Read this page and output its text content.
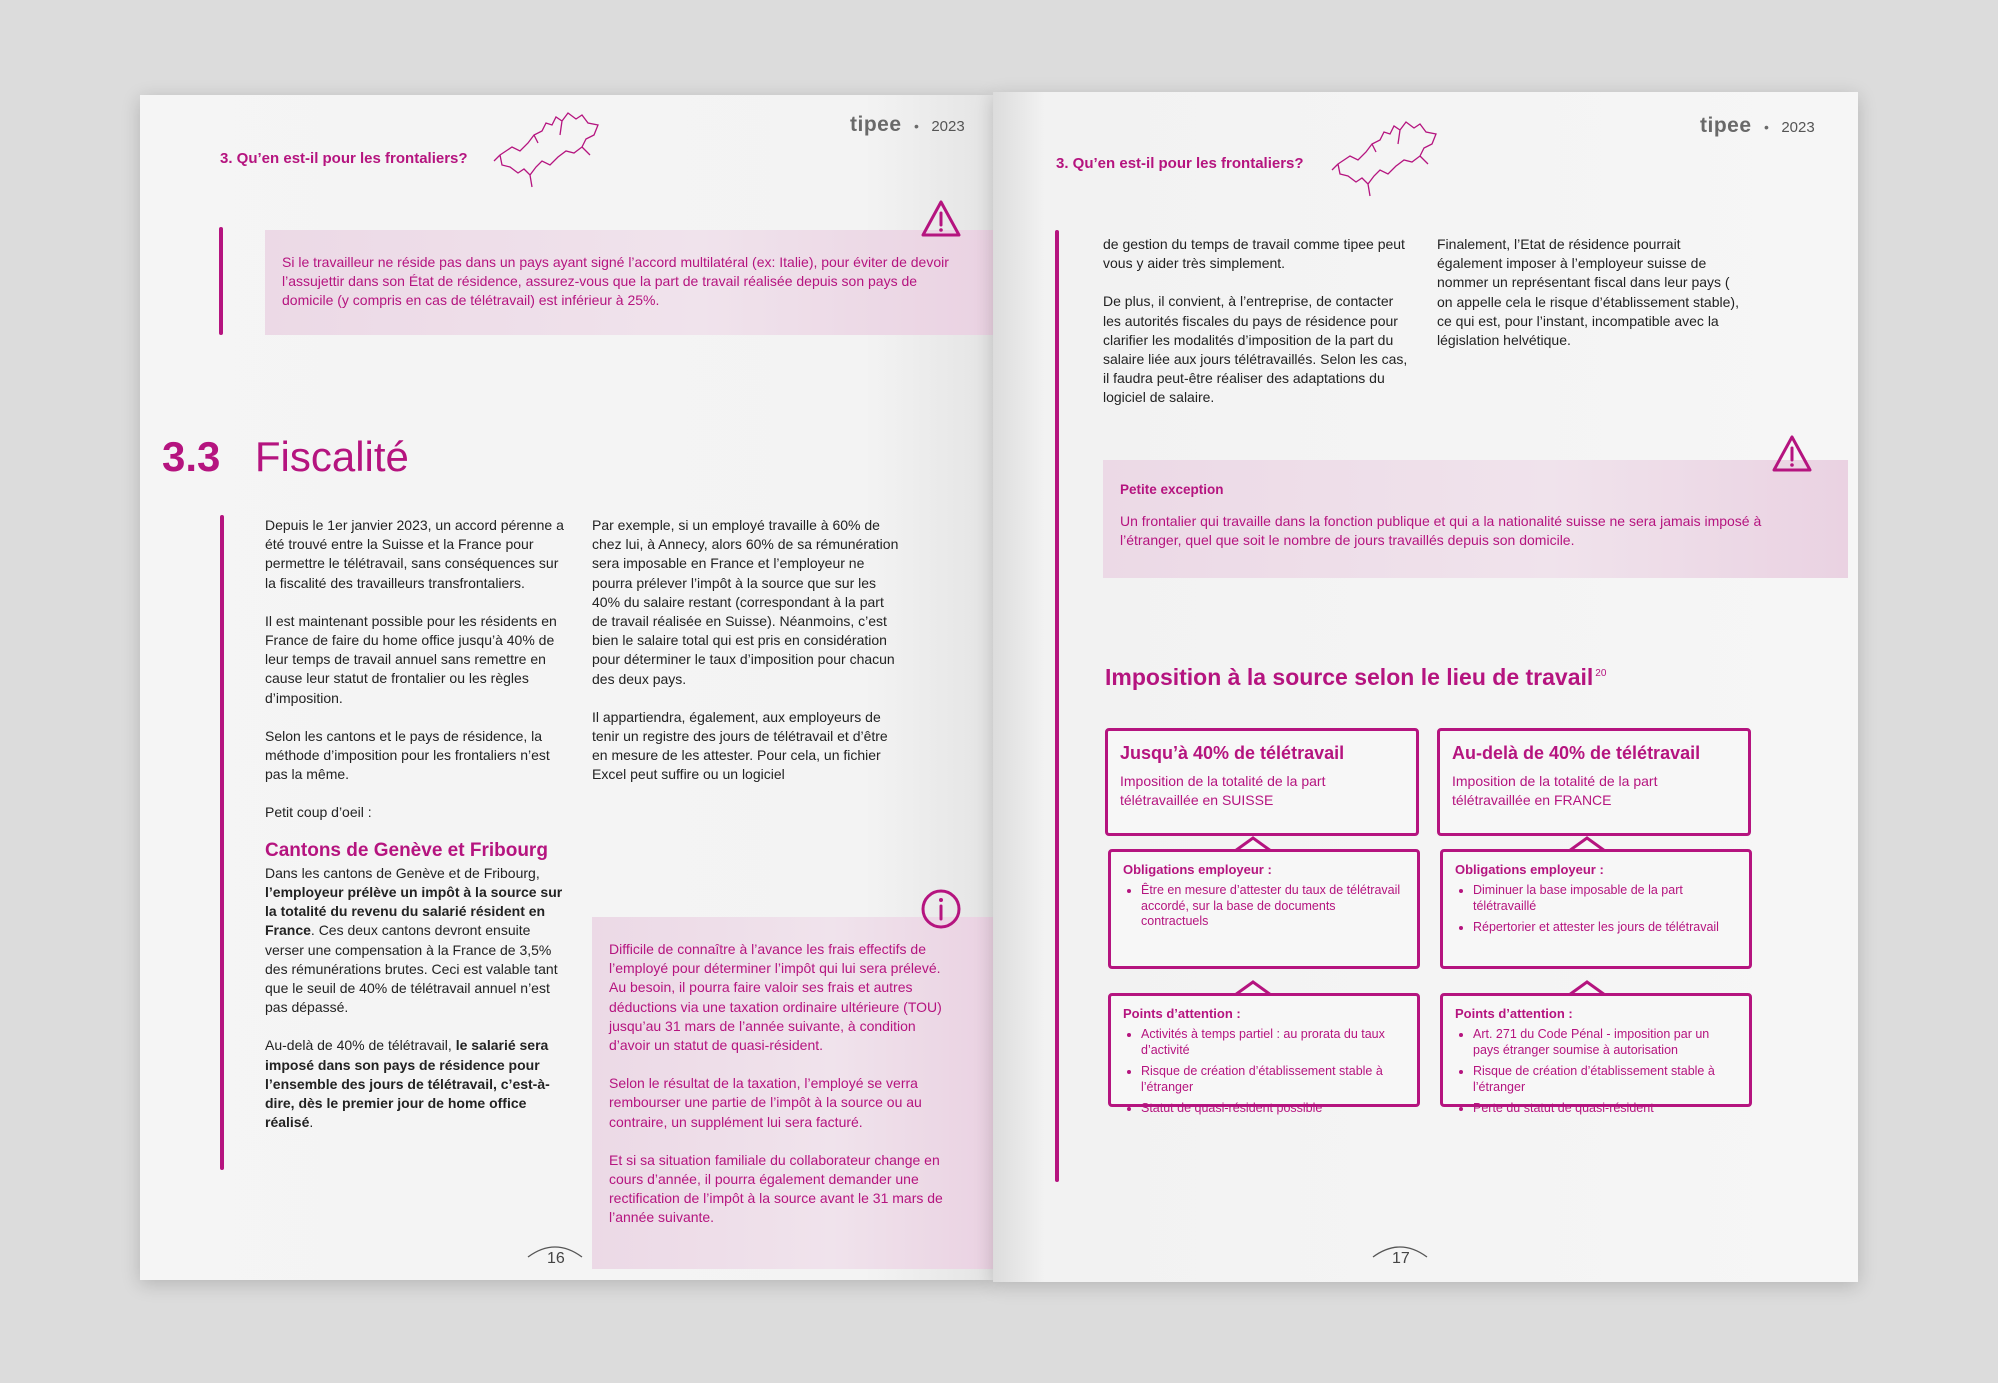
3. Qu’en est-il pour les frontaliers?
tipee • 2023
Si le travailleur ne réside pas dans un pays ayant signé l’accord multilatéral (ex: Italie), pour éviter de devoir l’assujettir dans son État de résidence, assurez-vous que la part de travail réalisée depuis son pays de domicile (y compris en cas de télétravail) est inférieur à 25%.
3.3 Fiscalité

Depuis le 1er janvier 2023, un accord pérenne a été trouvé entre la Suisse et la France pour permettre le télétravail, sans conséquences sur la fiscalité des travailleurs transfrontaliers.

Il est maintenant possible pour les résidents en France de faire du home office jusqu’à 40% de leur temps de travail annuel sans remettre en cause leur statut de frontalier ou les règles d’imposition.

Selon les cantons et le pays de résidence, la méthode d’imposition pour les frontaliers n’est pas la même.

Petit coup d’oeil :

Cantons de Genève et Fribourg

Dans les cantons de Genève et de Fribourg, l’employeur prélève un impôt à la source sur la totalité du revenu du salarié résident en France. Ces deux cantons devront ensuite verser une compensation à la France de 3,5% des rémunérations brutes. Ceci est valable tant que le seuil de 40% de télétravail annuel n’est pas dépassé.

Au-delà de 40% de télétravail, le salarié sera imposé dans son pays de résidence pour l’ensemble des jours de télétravail, c’est-à-dire, dès le premier jour de home office réalisé.

Par exemple, si un employé travaille à 60% de chez lui, à Annecy, alors 60% de sa rémunération sera imposable en France et l’employeur ne pourra prélever l’impôt à la source que sur les 40% du salaire restant (correspondant à la part de travail réalisée en Suisse). Néanmoins, c’est bien le salaire total qui est pris en considération pour déterminer le taux d’imposition pour chacun des deux pays.

Il appartiendra, également, aux employeurs de tenir un registre des jours de télétravail et d’être en mesure de les attester. Pour cela, un fichier Excel peut suffire ou un logiciel

Difficile de connaître à l’avance les frais effectifs de l’employé pour déterminer l’impôt qui lui sera prélevé. Au besoin, il pourra faire valoir ses frais et autres déductions via une taxation ordinaire ultérieure (TOU) jusqu’au 31 mars de l’année suivante, à condition d’avoir un statut de quasi-résident.

Selon le résultat de la taxation, l’employé se verra rembourser une partie de l’impôt à la source ou au contraire, un supplément lui sera facturé.

Et si sa situation familiale du collaborateur change en cours d’année, il pourra également demander une rectification de l’impôt à la source avant le 31 mars de l’année suivante.

16
3. Qu’en est-il pour les frontaliers?
tipee • 2023

de gestion du temps de travail comme tipee peut vous y aider très simplement.

De plus, il convient, à l’entreprise, de contacter les autorités fiscales du pays de résidence pour clarifier les modalités d’imposition de la part du salaire liée aux jours télétravaillés. Selon les cas, il faudra peut-être réaliser des adaptations du logiciel de salaire.

Finalement, l’Etat de résidence pourrait également imposer à l’employeur suisse de nommer un représentant fiscal dans leur pays ( on appelle cela le risque d’établissement stable), ce qui est, pour l’instant, incompatible avec la législation helvétique.

Petite exception
Un frontalier qui travaille dans la fonction publique et qui a la nationalité suisse ne sera jamais imposé à l’étranger, quel que soit le nombre de jours travaillés depuis son domicile.
Imposition à la source selon le lieu de travail $^{20}$
Jusqu’à 40% de télétravail
Imposition de la totalité de la part télétravaillée en SUISSE
Obligations employeur :
• Être en mesure d’attester du taux de télétravail accordé, sur la base de documents contractuels
Points d’attention :
• Activités à temps partiel : au prorata du taux d’activité
• Risque de création d’établissement stable à l’étranger
• Statut de quasi-résident possible
Au-delà de 40% de télétravail
Imposition de la totalité de la part télétravaillée en FRANCE
Obligations employeur :
• Diminuer la base imposable de la part télétravaillé
• Répertorier et attester les jours de télétravail
Points d’attention :
• Art. 271 du Code Pénal - imposition par un pays étranger soumise à autorisation
• Risque de création d’établissement stable à l’étranger
• Perte du statut de quasi-résident
17
